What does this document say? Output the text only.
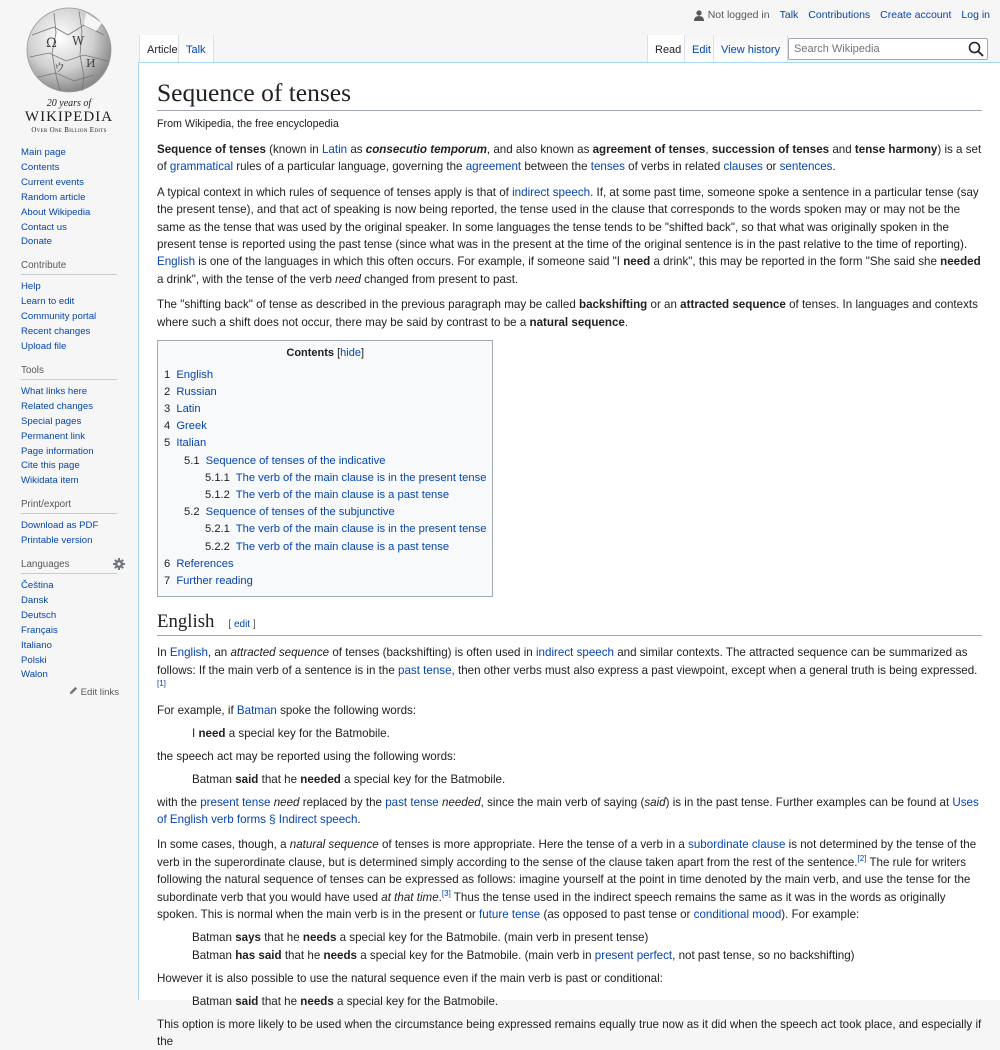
Not logged in Talk Contributions Create account Log in
Ω W
И
ウ
20 years of
WIKIPEDIA
Over One Billion Edits
Article Talk	Read Edit View history
Search Wikipedia
Main page
Contents
Current events
Random article
About Wikipedia
Contact us
Donate
Contribute
Help
Learn to edit
Community portal
Recent changes
Upload file
Tools
What links here
Related changes
Special pages
Permanent link
Page information
Cite this page
Wikidata item
Print/export
Download as PDF
Printable version
Languages
Čeština
Dansk
Deutsch
Français
Italiano
Polski
Walon
Edit links
Sequence of tenses
From Wikipedia, the free encyclopedia

Sequence of tenses (known in Latin as consecutio temporum, and also known as agreement of tenses, succession of tenses and tense harmony) is a set of grammatical rules of a particular language, governing the agreement between the tenses of verbs in related clauses or sentences.

A typical context in which rules of sequence of tenses apply is that of indirect speech. If, at some past time, someone spoke a sentence in a particular tense (say the present tense), and that act of speaking is now being reported, the tense used in the clause that corresponds to the words spoken may or may not be the same as the tense that was used by the original speaker. In some languages the tense tends to be "shifted back", so that what was originally spoken in the present tense is reported using the past tense (since what was in the present at the time of the original sentence is in the past relative to the time of reporting). English is one of the languages in which this often occurs. For example, if someone said "I need a drink", this may be reported in the form "She said she needed a drink", with the tense of the verb need changed from present to past.

The "shifting back" of tense as described in the previous paragraph may be called backshifting or an attracted sequence of tenses. In languages and contexts where such a shift does not occur, there may be said by contrast to be a natural sequence.

Contents [hide]
1 English
2 Russian
3 Latin
4 Greek
5 Italian
5.1 Sequence of tenses of the indicative
5.1.1 The verb of the main clause is in the present tense
5.1.2 The verb of the main clause is a past tense
5.2 Sequence of tenses of the subjunctive
5.2.1 The verb of the main clause is in the present tense
5.2.2 The verb of the main clause is a past tense
6 References
7 Further reading
English [ edit ]

In English, an attracted sequence of tenses (backshifting) is often used in indirect speech and similar contexts. The attracted sequence can be summarized as follows: If the main verb of a sentence is in the past tense, then other verbs must also express a past viewpoint, except when a general truth is being expressed.[1]

For example, if Batman spoke the following words:

I need a special key for the Batmobile.

the speech act may be reported using the following words:

Batman said that he needed a special key for the Batmobile.

with the present tense need replaced by the past tense needed, since the main verb of saying (said) is in the past tense. Further examples can be found at Uses of English verb forms § Indirect speech.

In some cases, though, a natural sequence of tenses is more appropriate. Here the tense of a verb in a subordinate clause is not determined by the tense of the verb in the superordinate clause, but is determined simply according to the sense of the clause taken apart from the rest of the sentence.[2] The rule for writers following the natural sequence of tenses can be expressed as follows: imagine yourself at the point in time denoted by the main verb, and use the tense for the subordinate verb that you would have used at that time.[3] Thus the tense used in the indirect speech remains the same as it was in the words as originally spoken. This is normal when the main verb is in the present or future tense (as opposed to past tense or conditional mood). For example:

Batman says that he needs a special key for the Batmobile. (main verb in present tense)
Batman has said that he needs a special key for the Batmobile. (main verb in present perfect, not past tense, so no backshifting)

However it is also possible to use the natural sequence even if the main verb is past or conditional:

Batman said that he needs a special key for the Batmobile.

This option is more likely to be used when the circumstance being expressed remains equally true now as it did when the speech act took place, and especially if the
